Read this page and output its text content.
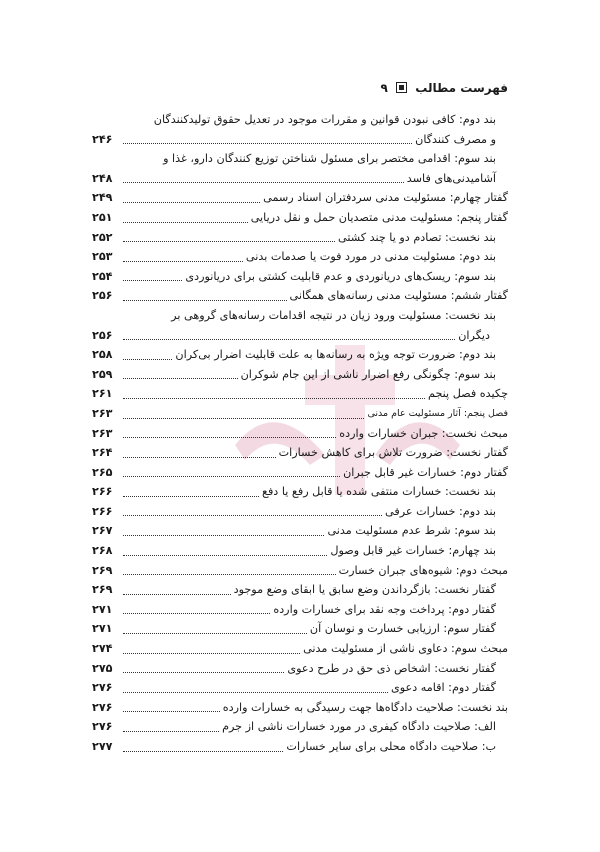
فهرست مطالب  ۹
بند دوم: کافی نبودن قوانین و مقررات موجود در تعدیل حقوق تولیدکنندگان
و مصرف کنندگان
۲۴۶
بند سوم: اقدامی مختصر برای مسئول شناختن توزیع کنندگان دارو، غذا و
آشامیدنی‌های فاسد
۲۴۸
گفتار چهارم: مسئولیت مدنی سردفتران اسناد رسمی
۲۴۹
گفتار پنجم: مسئولیت مدنی متصدیان حمل و نقل دریایی
۲۵۱
بند نخست: تصادم دو یا چند کشتی
۲۵۲
بند دوم: مسئولیت مدنی در مورد فوت یا صدمات بدنی
۲۵۳
بند سوم: ریسک‌های دریانوردی و عدم قابلیت کشتی برای دریانوردی
۲۵۴
گفتار ششم: مسئولیت مدنی رسانه‌های همگانی
۲۵۶
بند نخست: مسئولیت ورود زیان در نتیجه اقدامات رسانه‌های گروهی بر
دیگران
۲۵۶
بند دوم: ضرورت توجه ویژه به رسانه‌ها به علت قابلیت اضرار بی‌کران
۲۵۸
بند سوم: چگونگی رفع اضرار ناشی از این جام شوکران
۲۵۹
چکیده فصل پنجم
۲۶۱
فصل پنجم: آثار مسئولیت عام مدنی
۲۶۳
مبحث نخست: جبران خسارات وارده
۲۶۳
گفتار نخست: ضرورت تلاش برای کاهش خسارات
۲۶۴
گفتار دوم: خسارات غیر قابل جبران
۲۶۵
بند نخست: خسارات منتفی شده یا قابل رفع یا دفع
۲۶۶
بند دوم: خسارات عرفی
۲۶۶
بند سوم: شرط عدم مسئولیت مدنی
۲۶۷
بند چهارم: خسارات غیر قابل وصول
۲۶۸
مبحث دوم: شیوه‌های جبران خسارت
۲۶۹
گفتار نخست: بازگرداندن وضع سابق یا ابقای وضع موجود
۲۶۹
گفتار دوم: پرداخت وجه نقد برای خسارات وارده
۲۷۱
گفتار سوم: ارزیابی خسارت و نوسان آن
۲۷۱
مبحث سوم: دعاوی ناشی از مسئولیت مدنی
۲۷۴
گفتار نخست: اشخاص ذی حق در طرح دعوی
۲۷۵
گفتار دوم: اقامه دعوی
۲۷۶
بند نخست: صلاحیت دادگاه‌ها جهت رسیدگی به خسارات وارده
۲۷۶
الف: صلاحیت دادگاه کیفری در مورد خسارات ناشی از جرم
۲۷۶
ب: صلاحیت دادگاه محلی برای سایر خسارات
۲۷۷
